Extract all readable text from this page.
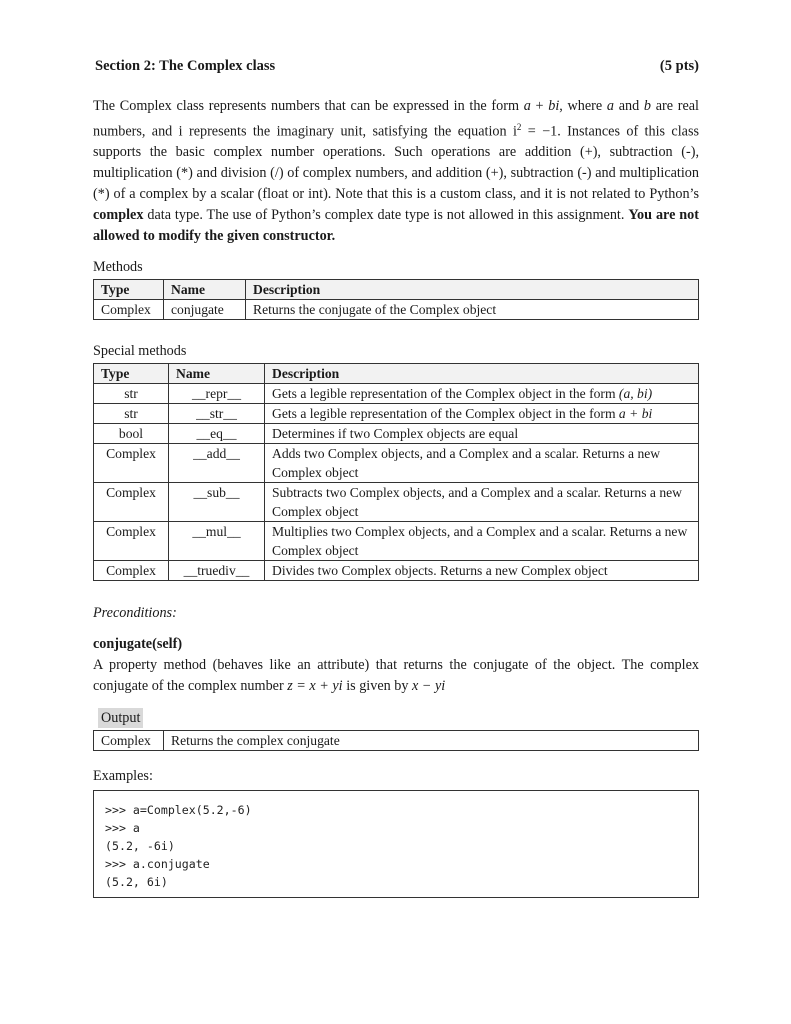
Section 2: The Complex class	(5 pts)
The Complex class represents numbers that can be expressed in the form a + bi, where a and b are real numbers, and i represents the imaginary unit, satisfying the equation $i^2 = -1$. Instances of this class supports the basic complex number operations. Such operations are addition (+), subtraction (-), multiplication (*) and division (/) of complex numbers, and addition (+), subtraction (-) and multiplication (*) of a complex by a scalar (float or int). Note that this is a custom class, and it is not related to Python’s complex data type. The use of Python’s complex date type is not allowed in this assignment. You are not allowed to modify the given constructor.
Methods
Type	Name	Description
Complex	conjugate	Returns the conjugate of the Complex object
Special methods
Type	Name	Description
str	__repr__	Gets a legible representation of the Complex object in the form (a, bi)
str	__str__	Gets a legible representation of the Complex object in the form a + bi
bool	__eq__	Determines if two Complex objects are equal
Complex	__add__	Adds two Complex objects, and a Complex and a scalar. Returns a new Complex object
Complex	__sub__	Subtracts two Complex objects, and a Complex and a scalar. Returns a new Complex object
Complex	__mul__	Multiplies two Complex objects, and a Complex and a scalar. Returns a new Complex object
Complex	__truediv__	Divides two Complex objects. Returns a new Complex object
Preconditions:
conjugate(self)
A property method (behaves like an attribute) that returns the conjugate of the object. The complex conjugate of the complex number z = x + yi is given by x − yi
Output
Complex	Returns the complex conjugate
Examples:
>>> a=Complex(5.2,-6)
>>> a
(5.2, -6i)
>>> a.conjugate
(5.2, 6i)
